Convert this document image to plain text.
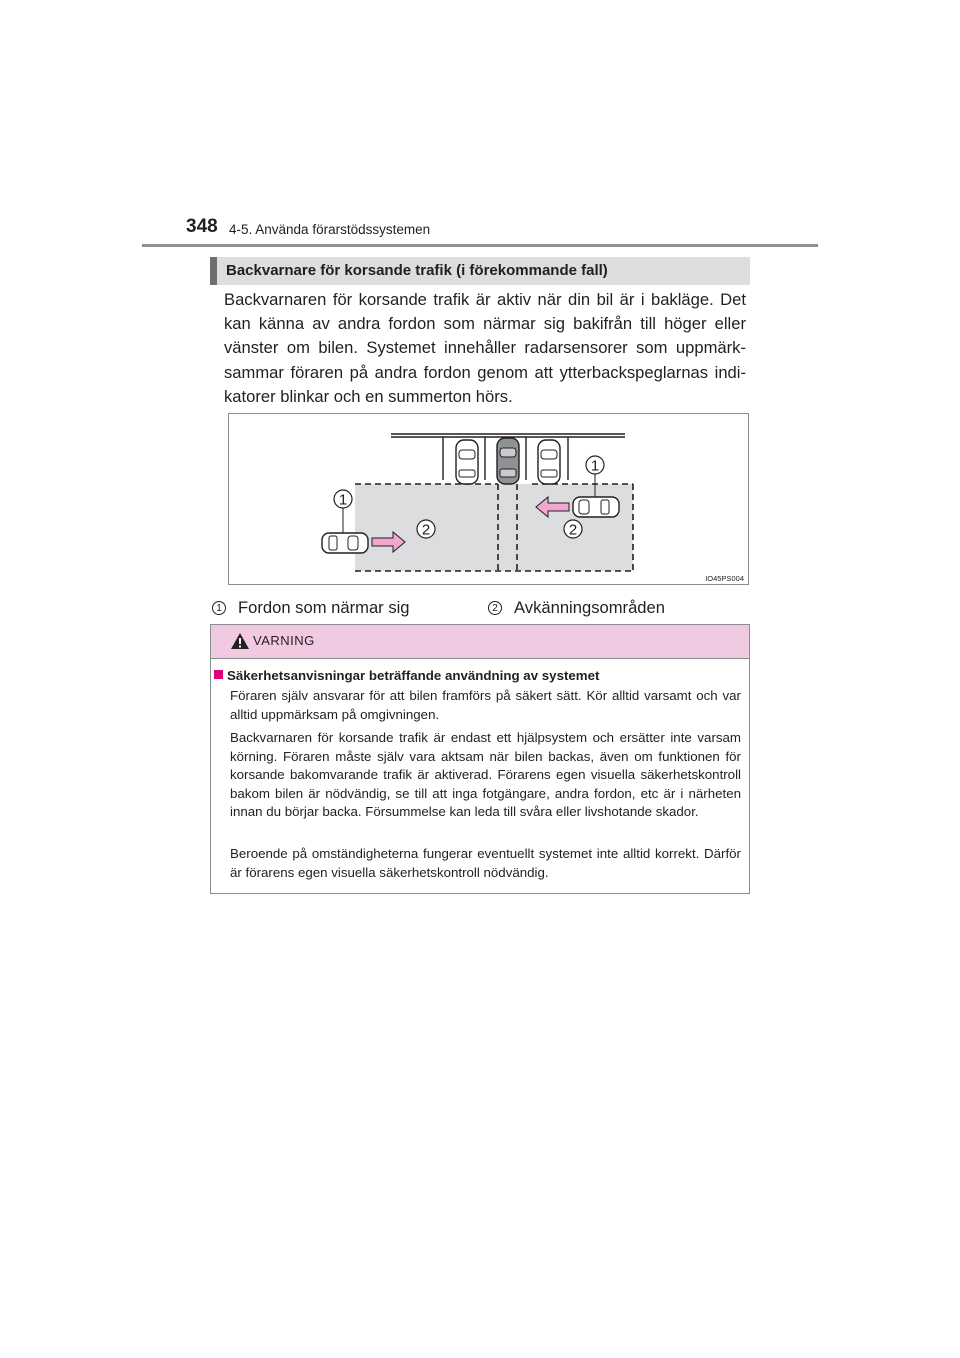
348 4-5. Använda förarstödssystemen
Backvarnare för korsande trafik (i förekommande fall)
Backvarnaren för korsande trafik är aktiv när din bil är i bakläge. Det kan känna av andra fordon som närmar sig bakifrån till höger eller vänster om bilen. Systemet innehåller radarsensorer som uppmärksammar föraren på andra fordon genom att ytterbackspeglarnas indikatorer blinkar och en summerton hörs.
1
1
2	2
IO45PS004
1 Fordon som närmar sig	2 Avkänningsområden
VARNING
Säkerhetsanvisningar beträffande användning av systemet
Föraren själv ansvarar för att bilen framförs på säkert sätt. Kör alltid varsamt och var alltid uppmärksam på omgivningen.
Backvarnaren för korsande trafik är endast ett hjälpsystem och ersätter inte varsam körning. Föraren måste själv vara aktsam när bilen backas, även om funktionen för korsande bakomvarande trafik är aktiverad. Förarens egen visuella säkerhetskontroll bakom bilen är nödvändig, se till att inga fotgängare, andra fordon, etc är i närheten innan du börjar backa. Försummelse kan leda till svåra eller livshotande skador.
Beroende på omständigheterna fungerar eventuellt systemet inte alltid korrekt. Därför är förarens egen visuella säkerhetskontroll nödvändig.
